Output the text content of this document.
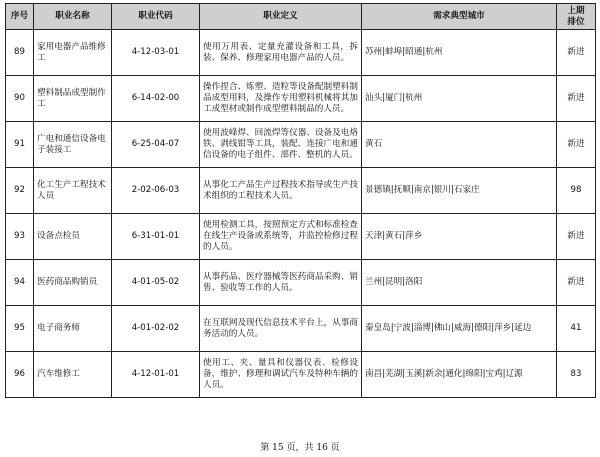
序号	职业名称	职业代码	职业定义	需求典型城市	上期
排位
89	家用电器产品维修工	4-12-03-01	使用万用表、定量充灌设备和工具，拆装、保养、修理家用电器产品的人员。	苏州|蚌埠|昭通|杭州	新进
90	塑料制品成型制作工	6-14-02-00	操作捏合、炼塑、造粒等设备配制塑料制品成型用料，及操作专用塑料机械将其加工成型材或制作成型塑料制品的人员。	汕头|厦门|杭州	新进
91	广电和通信设备电子装接工	6-25-04-07	使用波峰焊、回流焊等仪器、设备及电烙铁、剥线钳等工具，装配、连接广电和通信设备的电子组件、部件、整机的人员。	黄石	新进
92	化工生产工程技术人员	2-02-06-03	从事化工产品生产过程技术指导或生产技术组织的工程技术人员。	景德镇|抚顺|南京|银川|石家庄	98
93	设备点检员	6-31-01-01	使用检测工具，按照预定方式和标准检查在线生产设备或系统等，并监控检修过程的人员。	天津|黄石|萍乡	新进
94	医药商品购销员	4-01-05-02	从事药品、医疗器械等医药商品采购、销售、验收等工作的人员。	兰州|昆明|洛阳	新进
95	电子商务师	4-01-02-02	在互联网及现代信息技术平台上，从事商务活动的人员。	秦皇岛|宁波|淄博|佛山|威海|德阳|萍乡|延边	41
96	汽车维修工	4-12-01-01	使用工、夹、量具和仪器仪表、检修设备，维护、修理和调试汽车及特种车辆的人员。	南昌|芜湖|玉溪|新余|通化|绵阳|宝鸡|辽源	83
第 15 页，共 16 页
